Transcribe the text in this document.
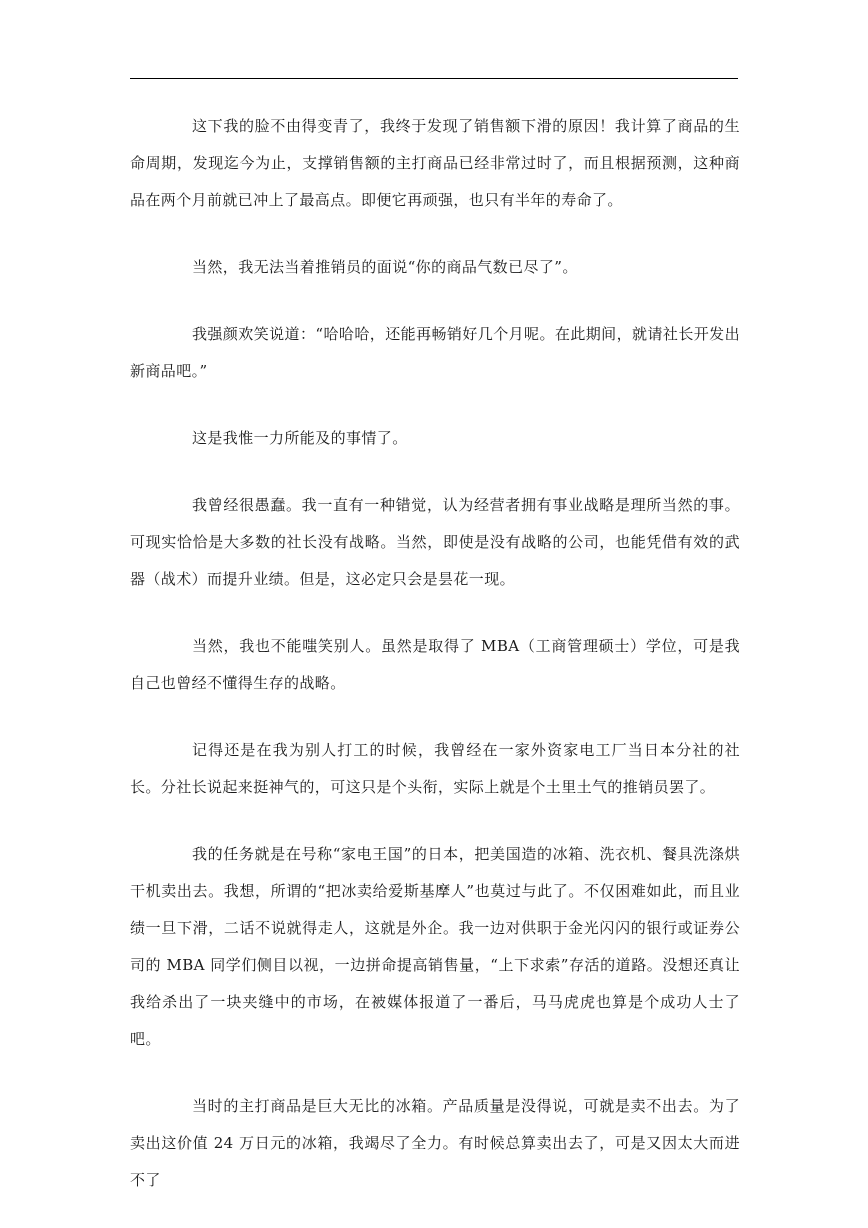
这下我的脸不由得变青了，我终于发现了销售额下滑的原因！我计算了商品的生命周期，发现迄今为止，支撑销售额的主打商品已经非常过时了，而且根据预测，这种商品在两个月前就已冲上了最高点。即便它再顽强，也只有半年的寿命了。

当然，我无法当着推销员的面说“你的商品气数已尽了”。

我强颜欢笑说道：“哈哈哈，还能再畅销好几个月呢。在此期间，就请社长开发出新商品吧。”

这是我惟一力所能及的事情了。

我曾经很愚蠢。我一直有一种错觉，认为经营者拥有事业战略是理所当然的事。可现实恰恰是大多数的社长没有战略。当然，即使是没有战略的公司，也能凭借有效的武器（战术）而提升业绩。但是，这必定只会是昙花一现。

当然，我也不能嗤笑别人。虽然是取得了 MBA（工商管理硕士）学位，可是我自己也曾经不懂得生存的战略。

记得还是在我为别人打工的时候，我曾经在一家外资家电工厂当日本分社的社长。分社长说起来挺神气的，可这只是个头衔，实际上就是个土里土气的推销员罢了。

我的任务就是在号称“家电王国”的日本，把美国造的冰箱、洗衣机、餐具洗涤烘干机卖出去。我想，所谓的“把冰卖给爱斯基摩人”也莫过与此了。不仅困难如此，而且业绩一旦下滑，二话不说就得走人，这就是外企。我一边对供职于金光闪闪的银行或证券公司的 MBA 同学们侧目以视，一边拼命提高销售量，“上下求索”存活的道路。没想还真让我给杀出了一块夹缝中的市场，在被媒体报道了一番后，马马虎虎也算是个成功人士了吧。

当时的主打商品是巨大无比的冰箱。产品质量是没得说，可就是卖不出去。为了卖出这价值 24 万日元的冰箱，我竭尽了全力。有时候总算卖出去了，可是又因太大而进不了
